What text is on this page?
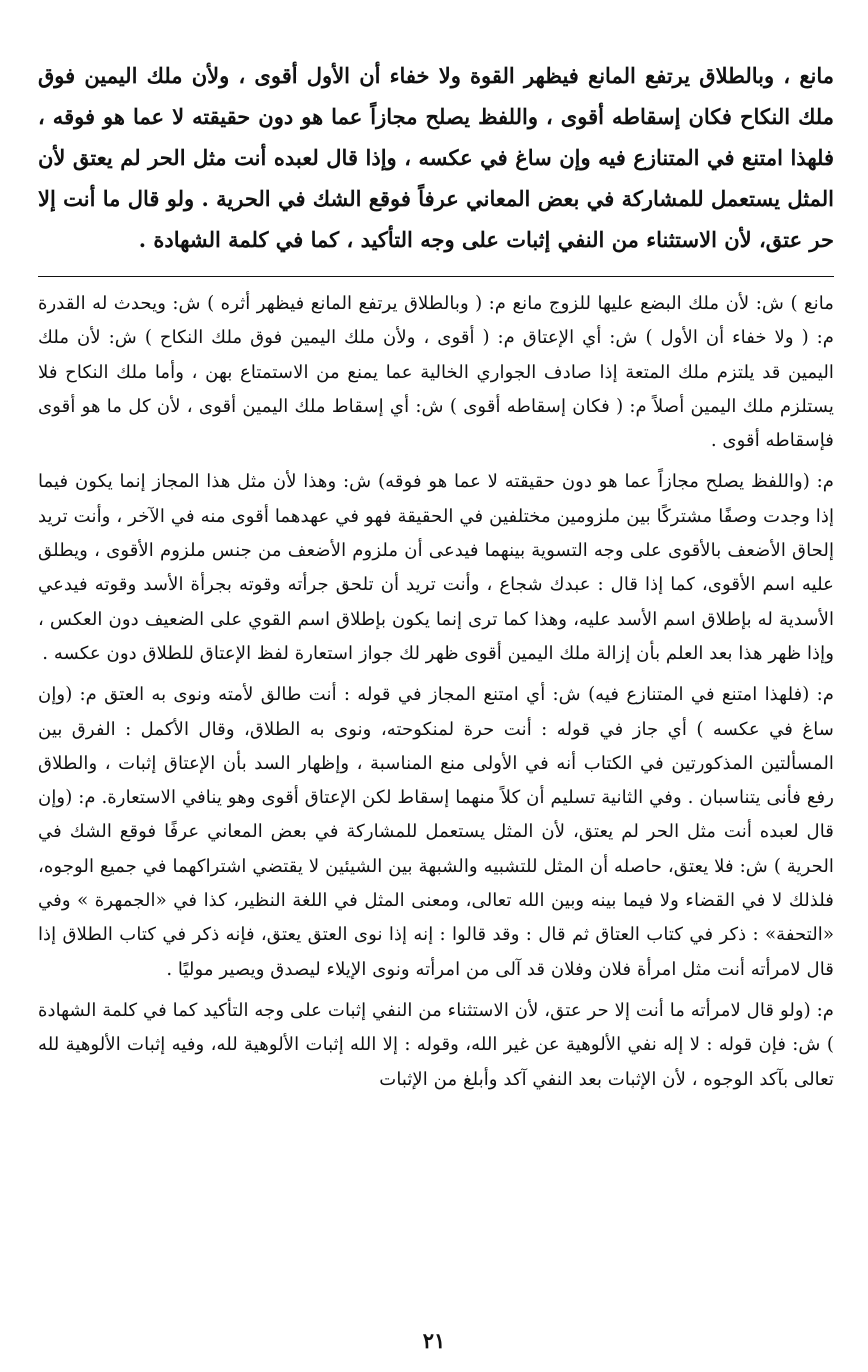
مانع ، وبالطلاق يرتفع المانع فيظهر القوة ولا خفاء أن الأول أقوى ، ولأن ملك اليمين فوق ملك النكاح فكان إسقاطه أقوى ، واللفظ يصلح مجازاً عما هو دون حقيقته لا عما هو فوقه ، فلهذا امتنع في المتنازع فيه وإن ساغ في عكسه ، وإذا قال لعبده أنت مثل الحر لم يعتق لأن المثل يستعمل للمشاركة في بعض المعاني عرفاً فوقع الشك في الحرية . ولو قال ما أنت إلا حر عتق، لأن الاستثناء من النفي إثبات على وجه التأكيد ، كما في كلمة الشهادة .

مانع ) ش: لأن ملك البضع عليها للزوج مانع م: ( وبالطلاق يرتفع المانع فيظهر أثره ) ش: ويحدث له القدرة م: ( ولا خفاء أن الأول ) ش: أي الإعتاق م: ( أقوى ، ولأن ملك اليمين فوق ملك النكاح ) ش: لأن ملك اليمين قد يلتزم ملك المتعة إذا صادف الجواري الخالية عما يمنع من الاستمتاع بهن ، وأما ملك النكاح فلا يستلزم ملك اليمين أصلاً م: ( فكان إسقاطه أقوى ) ش: أي إسقاط ملك اليمين أقوى ، لأن كل ما هو أقوى فإسقاطه أقوى .

م: (واللفظ يصلح مجازاً عما هو دون حقيقته لا عما هو فوقه) ش: وهذا لأن مثل هذا المجاز إنما يكون فيما إذا وجدت وصفًا مشتركًا بين ملزومين مختلفين في الحقيقة فهو في عهدهما أقوى منه في الآخر ، وأنت تريد إلحاق الأضعف بالأقوى على وجه التسوية بينهما فيدعى أن ملزوم الأضعف من جنس ملزوم الأقوى ، ويطلق عليه اسم الأقوى، كما إذا قال : عبدك شجاع ، وأنت تريد أن تلحق جرأته وقوته بجرأة الأسد وقوته فيدعي الأسدية له بإطلاق اسم الأسد عليه، وهذا كما ترى إنما يكون بإطلاق اسم القوي على الضعيف دون العكس ، وإذا ظهر هذا بعد العلم بأن إزالة ملك اليمين أقوى ظهر لك جواز استعارة لفظ الإعتاق للطلاق دون عكسه .

م: (فلهذا امتنع في المتنازع فيه) ش: أي امتنع المجاز في قوله : أنت طالق لأمته ونوى به العتق م: (وإن ساغ في عكسه ) أي جاز في قوله : أنت حرة لمنكوحته، ونوى به الطلاق، وقال الأكمل : الفرق بين المسألتين المذكورتين في الكتاب أنه في الأولى منع المناسبة ، وإظهار السد بأن الإعتاق إثبات ، والطلاق رفع فأنى يتناسبان . وفي الثانية تسليم أن كلاً منهما إسقاط لكن الإعتاق أقوى وهو ينافي الاستعارة. م: (وإن قال لعبده أنت مثل الحر لم يعتق، لأن المثل يستعمل للمشاركة في بعض المعاني عرفًا فوقع الشك في الحرية ) ش: فلا يعتق، حاصله أن المثل للتشبيه والشبهة بين الشيئين لا يقتضي اشتراكهما في جميع الوجوه، فلذلك لا في القضاء ولا فيما بينه وبين الله تعالى، ومعنى المثل في اللغة النظير، كذا في «الجمهرة » وفي «التحفة» : ذكر في كتاب العتاق ثم قال : وقد قالوا : إنه إذا نوى العتق يعتق، فإنه ذكر في كتاب الطلاق إذا قال لامرأته أنت مثل امرأة فلان وفلان قد آلى من امرأته ونوى الإيلاء ليصدق ويصير موليًا .

م: (ولو قال لامرأته ما أنت إلا حر عتق، لأن الاستثناء من النفي إثبات على وجه التأكيد كما في كلمة الشهادة ) ش: فإن قوله : لا إله نفي الألوهية عن غير الله، وقوله : إلا الله إثبات الألوهية لله، وفيه إثبات الألوهية لله تعالى بآكد الوجوه ، لأن الإثبات بعد النفي آكد وأبلغ من الإثبات

٢١
